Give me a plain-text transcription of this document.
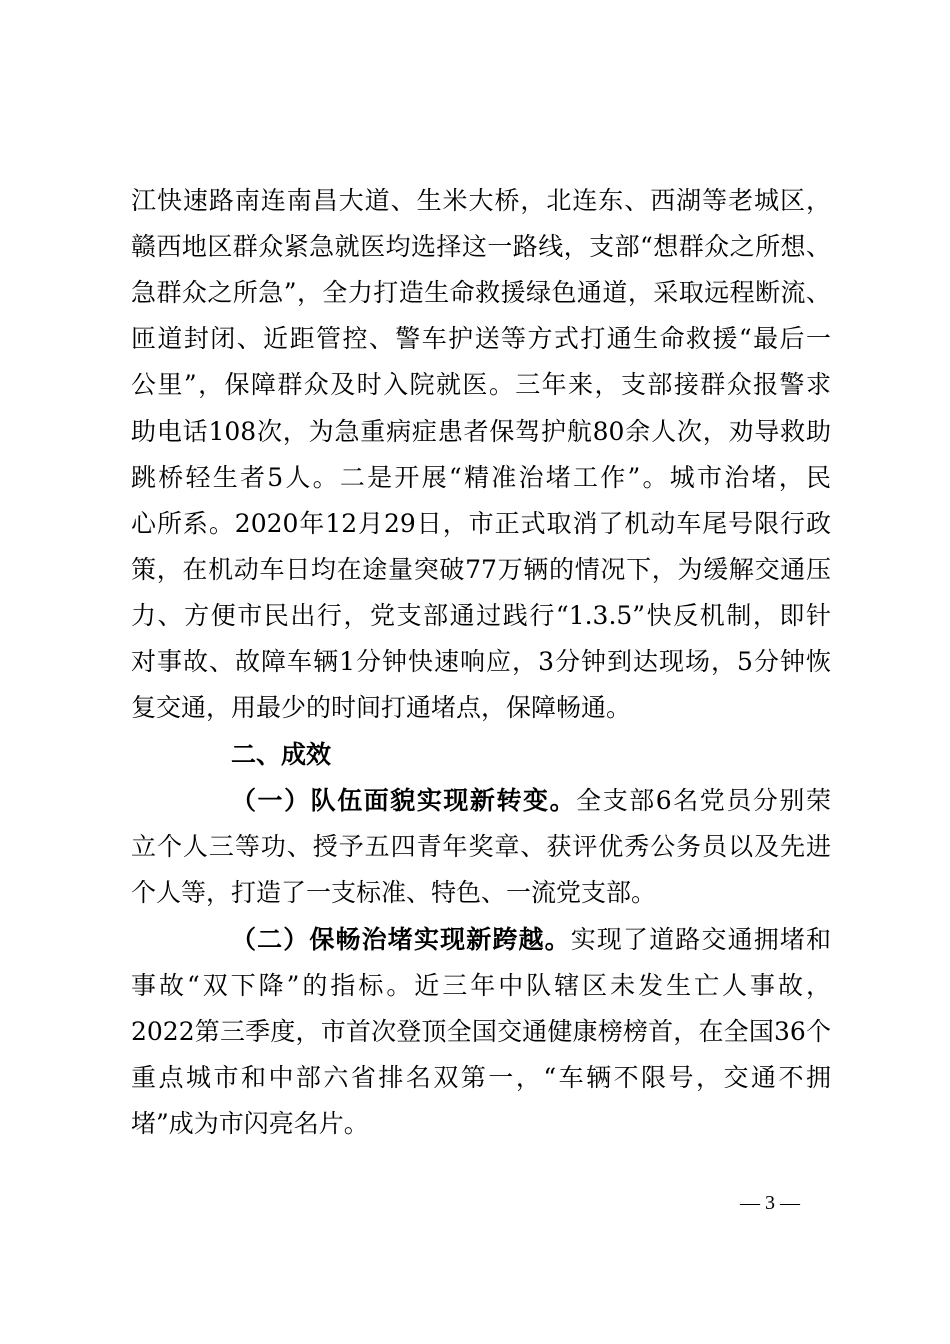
江快速路南连南昌大道、生米大桥，北连东、西湖等老城区，
赣西地区群众紧急就医均选择这一路线，支部“想群众之所想、
急群众之所急”，全力打造生命救援绿色通道，采取远程断流、
匝道封闭、近距管控、警车护送等方式打通生命救援“最后一
公里”，保障群众及时入院就医。三年来，支部接群众报警求
助电话108次，为急重病症患者保驾护航80余人次，劝导救助
跳桥轻生者5人。二是开展“精准治堵工作”。城市治堵，民
心所系。2020年12月29日，市正式取消了机动车尾号限行政
策，在机动车日均在途量突破77万辆的情况下，为缓解交通压
力、方便市民出行，党支部通过践行“1.3.5”快反机制，即针
对事故、故障车辆1分钟快速响应，3分钟到达现场，5分钟恢
复交通，用最少的时间打通堵点，保障畅通。
二、成效
（一）队伍面貌实现新转变。全支部6名党员分别荣
立个人三等功、授予五四青年奖章、获评优秀公务员以及先进
个人等，打造了一支标准、特色、一流党支部。
（二）保畅治堵实现新跨越。实现了道路交通拥堵和
事故“双下降”的指标。近三年中队辖区未发生亡人事故，
2022第三季度，市首次登顶全国交通健康榜榜首，在全国36个
重点城市和中部六省排名双第一，“车辆不限号，交通不拥
堵”成为市闪亮名片。
— 3 —
